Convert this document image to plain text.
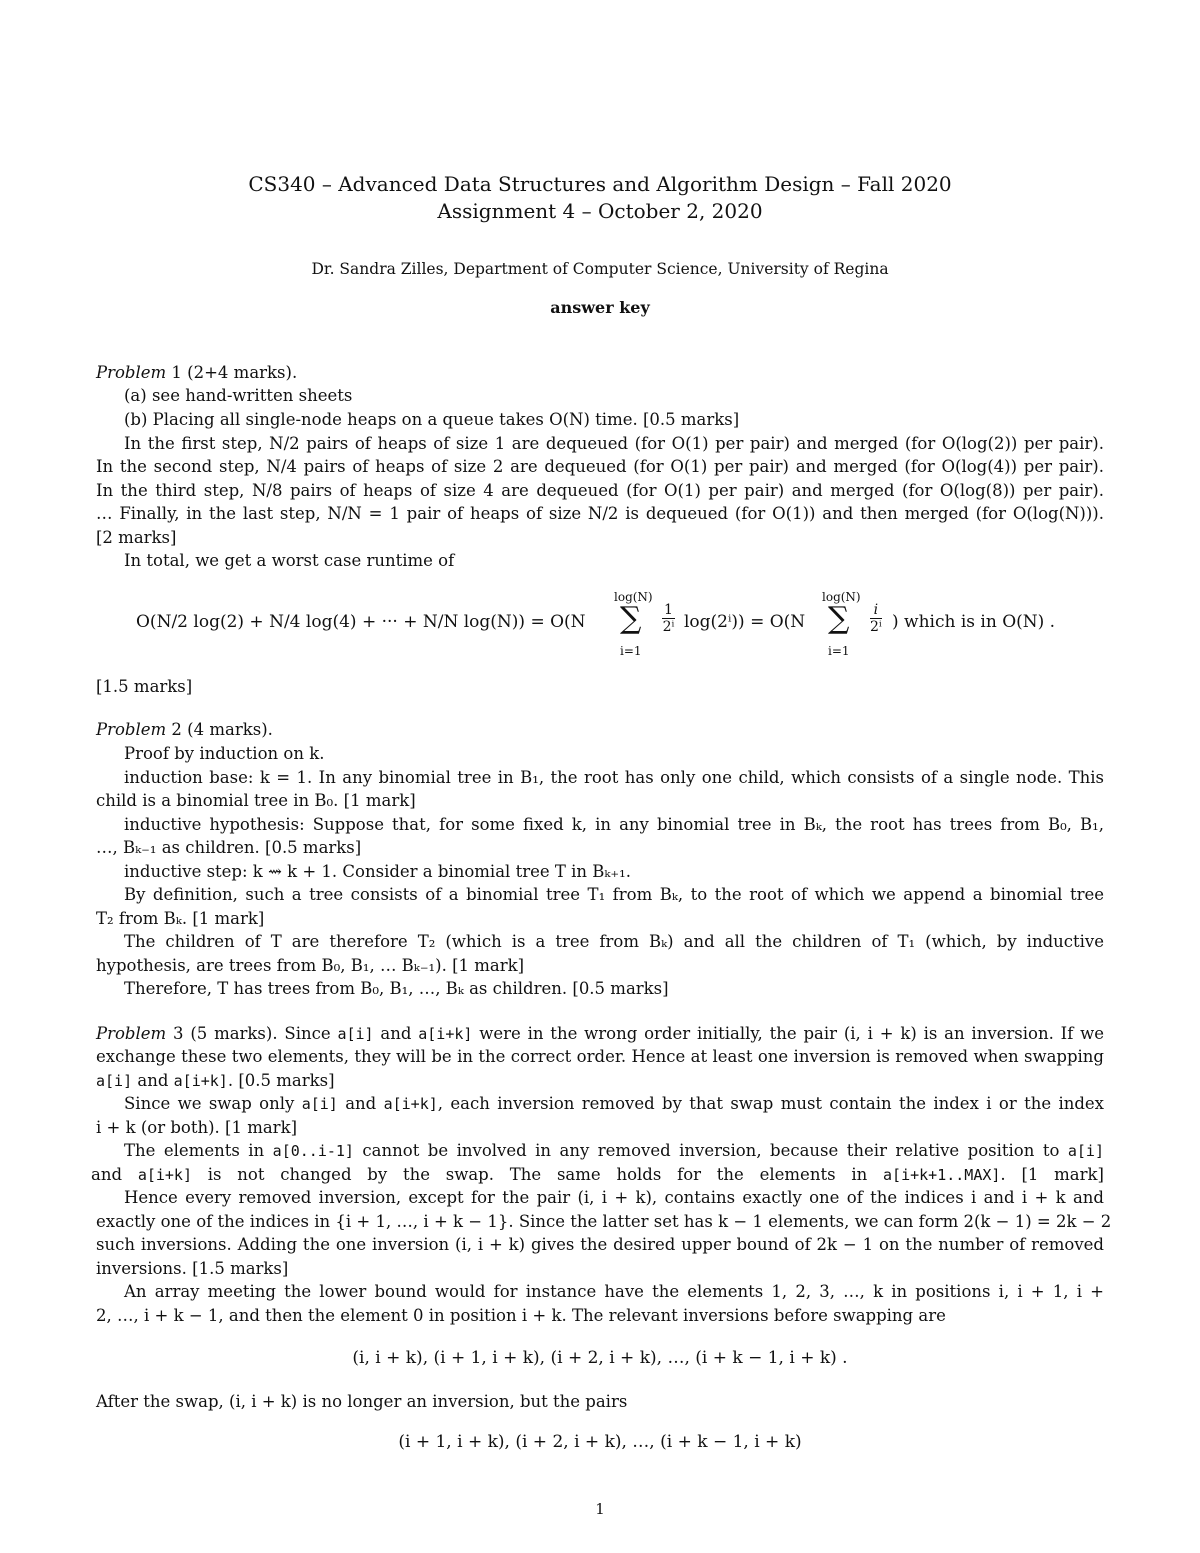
CS340 – Advanced Data Structures and Algorithm Design – Fall 2020
Assignment 4 – October 2, 2020
Dr. Sandra Zilles, Department of Computer Science, University of Regina
answer key
Problem 1 (2+4 marks).
(a) see hand-written sheets
(b) Placing all single-node heaps on a queue takes O(N) time. [0.5 marks]
In the first step, N/2 pairs of heaps of size 1 are dequeued (for O(1) per pair) and merged (for O(log(2)) per pair).
In the second step, N/4 pairs of heaps of size 2 are dequeued (for O(1) per pair) and merged (for O(log(4)) per pair).
In the third step, N/8 pairs of heaps of size 4 are dequeued (for O(1) per pair) and merged (for O(log(8)) per pair).
… Finally, in the last step, N/N = 1 pair of heaps of size N/2 is dequeued (for O(1)) and then merged (for O(log(N))).
[2 marks]
In total, we get a worst case runtime of
O(N/2 log(2) + N/4 log(4) + ··· + N/N log(N)) = O(N
log(N)
∑
i=1
$\frac{1}{\text{2ⁱ}} \log(2^i)) = O(N$
log(N)
∑
i=1
$\frac{i}{\text{2ⁱ}}$ ) which is in O(N) .
[1.5 marks]
Problem 2 (4 marks).
Proof by induction on k.
induction base: k = 1. In any binomial tree in B₁, the root has only one child, which consists of a single node. This
child is a binomial tree in B₀. [1 mark]
inductive hypothesis: Suppose that, for some fixed k, in any binomial tree in Bₖ, the root has trees from B₀, B₁,
…, Bₖ₋₁ as children. [0.5 marks]
inductive step: k ⇝ k + 1. Consider a binomial tree T in Bₖ₊₁.
By definition, such a tree consists of a binomial tree T₁ from Bₖ, to the root of which we append a binomial tree
T₂ from Bₖ. [1 mark]
The children of T are therefore T₂ (which is a tree from Bₖ) and all the children of T₁ (which, by inductive
hypothesis, are trees from B₀, B₁, … Bₖ₋₁). [1 mark]
Therefore, T has trees from B₀, B₁, …, Bₖ as children. [0.5 marks]
Problem 3 (5 marks). Since a[i] and a[i+k] were in the wrong order initially, the pair (i, i + k) is an inversion. If we
exchange these two elements, they will be in the correct order. Hence at least one inversion is removed when swapping
a[i] and a[i+k]. [0.5 marks]
Since we swap only a[i] and a[i+k], each inversion removed by that swap must contain the index i or the index
i + k (or both). [1 mark]
The elements in a[0..i-1] cannot be involved in any removed inversion, because their relative position to a[i]
and a[i+k] is not changed by the swap. The same holds for the elements in a[i+k+1..MAX]. [1 mark]
Hence every removed inversion, except for the pair (i, i + k), contains exactly one of the indices i and i + k and
exactly one of the indices in {i + 1, …, i + k − 1}. Since the latter set has k − 1 elements, we can form 2(k − 1) = 2k − 2
such inversions. Adding the one inversion (i, i + k) gives the desired upper bound of 2k − 1 on the number of removed
inversions. [1.5 marks]
An array meeting the lower bound would for instance have the elements 1, 2, 3, …, k in positions i, i + 1, i +
2, …, i + k − 1, and then the element 0 in position i + k. The relevant inversions before swapping are
(i, i + k), (i + 1, i + k), (i + 2, i + k), …, (i + k − 1, i + k) .
After the swap, (i, i + k) is no longer an inversion, but the pairs
(i + 1, i + k), (i + 2, i + k), …, (i + k − 1, i + k)
1
